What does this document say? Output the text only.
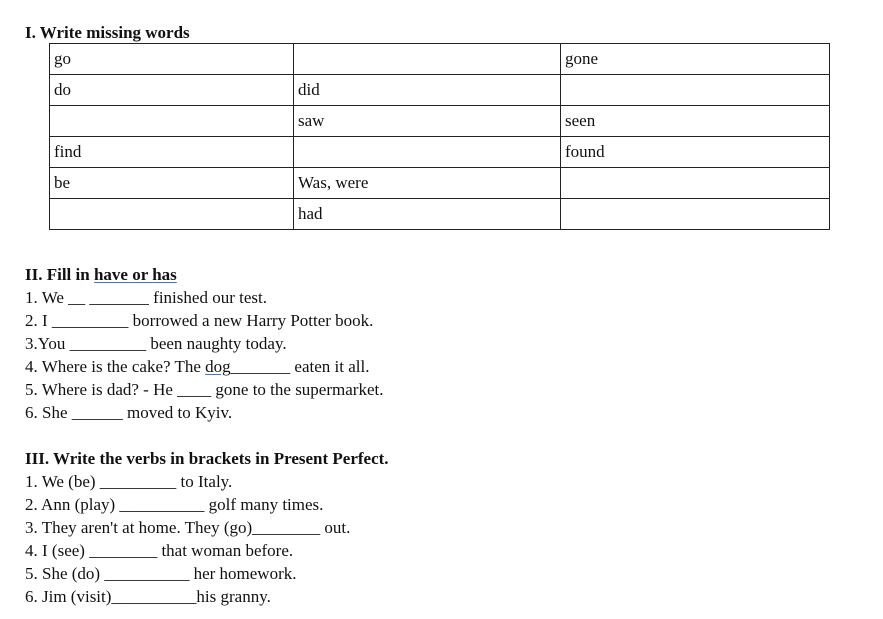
I. Write missing words
go		gone
do	did	
	saw	seen
find		found
be	Was, were	
	had	
II. Fill in have or has
1. We __ _______ finished our test.
2. I _________ borrowed a new Harry Potter book.
3.You _________ been naughty today.
4. Where is the cake? The dog_______ eaten it all.
5. Where is dad? - He ____ gone to the supermarket.
6. She ______ moved to Kyiv.
III. Write the verbs in brackets in Present Perfect.
1. We (be) _________ to Italy.
2. Ann (play) __________ golf many times.
3. They aren't at home. They (go)________ out.
4. I (see) ________ that woman before.
5. She (do) __________ her homework.
6. Jim (visit)__________his granny.
